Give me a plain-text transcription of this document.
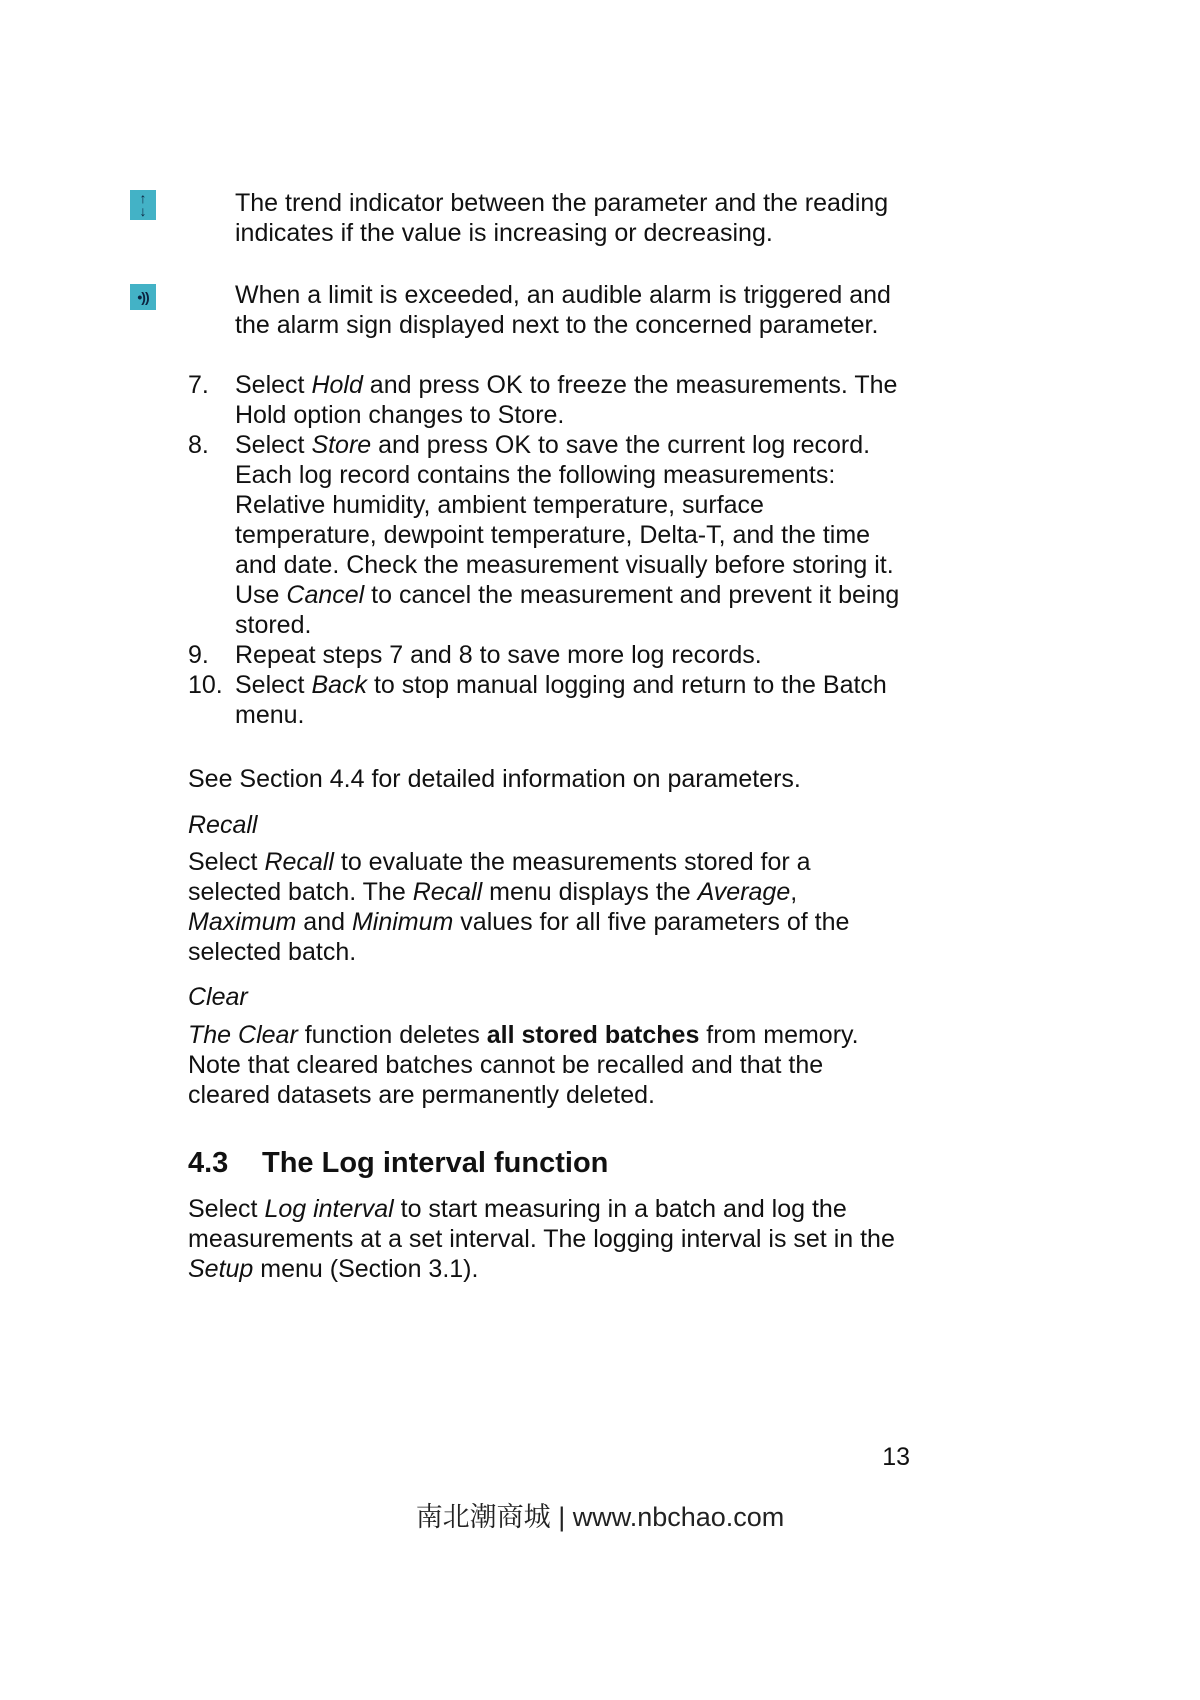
↑
↓	The trend indicator between the parameter and the reading indicates if the value is increasing or decreasing.

•))	When a limit is exceeded, an audible alarm is triggered and the alarm sign displayed next to the concerned parameter.

7.	Select Hold and press OK to freeze the measurements. The Hold option changes to Store.
8.	Select Store and press OK to save the current log record. Each log record contains the following measurements: Relative humidity, ambient temperature, surface temperature, dewpoint temperature, Delta-T, and the time and date. Check the measurement visually before storing it. Use Cancel to cancel the measurement and prevent it being stored.
9.	Repeat steps 7 and 8 to save more log records.
10. Select Back to stop manual logging and return to the Batch menu.

See Section 4.4 for detailed information on parameters.

Recall

Select Recall to evaluate the measurements stored for a selected batch. The Recall menu displays the Average, Maximum and Minimum values for all five parameters of the selected batch.

Clear

The Clear function deletes all stored batches from memory. Note that cleared batches cannot be recalled and that the cleared datasets are permanently deleted.

4.3 The Log interval function

Select Log interval to start measuring in a batch and log the measurements at a set interval. The logging interval is set in the Setup menu (Section 3.1).

13
南北潮商城 | www.nbchao.com
